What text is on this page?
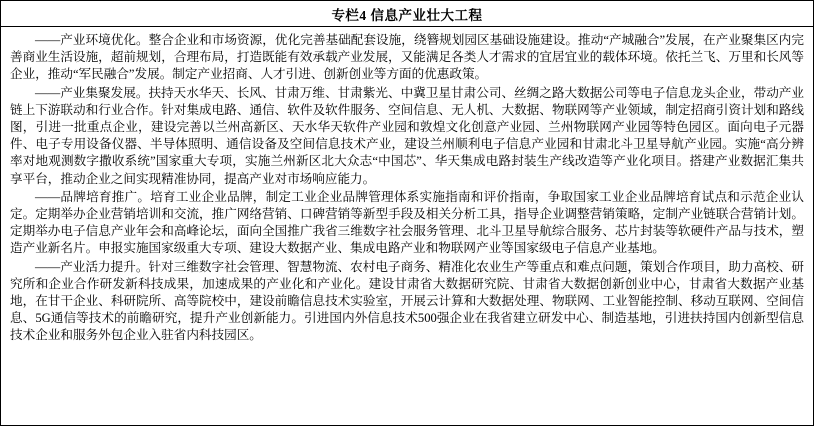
专栏4 信息产业壮大工程

——产业环境优化。整合企业和市场资源，优化完善基础配套设施，绕簪规划园区基础设施建设。推动“产城融合”发展，在产业聚集区内完善商业生活设施，超前规划，合理布局，打造既能有效承载产业发展，又能满足各类人才需求的宜居宜业的载体环境。依托兰飞、万里和长风等企业，推动“军民融合”发展。制定产业招商、人才引进、创新创业等方面的优惠政策。

——产业集聚发展。扶持天水华天、长风、甘肃万维、甘肃紫光、中冀卫星甘肃公司、丝绸之路大数据公司等电子信息龙头企业，带动产业链上下游联动和行业合作。针对集成电路、通信、软件及软件服务、空间信息、无人机、大数据、物联网等产业领域，制定招商引资计划和路线图，引进一批重点企业，建设完善以兰州高新区、天水华天软件产业园和敦煌文化创意产业园、兰州物联网产业园等特色园区。面向电子元器件、电子专用设备仪器、半导体照明、通信设备及空间信息技术产业，建设兰州顺利电子信息产业园和甘肃北斗卫星导航产业园。实施“高分辨率对地观测数字撒收系统”国家重大专项，实施兰州新区北大众志“中国芯”、华天集成电路封装生产线改造等产业化项目。搭建产业数据汇集共享平台，推动企业之间实现精准协同，提高产业对市场响应能力。

——品牌培育推广。培育工业企业品牌，制定工业企业品牌管理体系实施指南和评价指南，争取国家工业企业品牌培育试点和示范企业认定。定期举办企业营销培训和交流，推广网络营销、口碑营销等新型手段及相关分析工具，指导企业调整营销策略，定制产业链联合营销计划。定期举办电子信息产业年会和高峰论坛，面向全国推广我省三维数字社会服务管理、北斗卫星导航综合服务、芯片封装等软硬件产品与技术，塑造产业新名片。申报实施国家级重大专项、建设大数据产业、集成电路产业和物联网产业等国家级电子信息产业基地。

——产业活力提升。针对三维数字社会管理、智慧物流、农村电子商务、精准化农业生产等重点和难点问题，策划合作项目，助力高校、研究所和企业合作研发新科技成果，加速成果的产业化和产业化。建设甘肃省大数据研究院、甘肃省大数据创新创业中心，甘肃省大数据产业基地，在甘干企业、科研院所、高等院校中，建设前瞻信息技术实验室，开展云计算和大数据处理、物联网、工业智能控制、移动互联网、空间信息、5G通信等技术的前瞻研究，提升产业创新能力。引进国内外信息技术500强企业在我省建立研发中心、制造基地，引进扶持国内创新型信息技术企业和服务外包企业入驻省内科技园区。
